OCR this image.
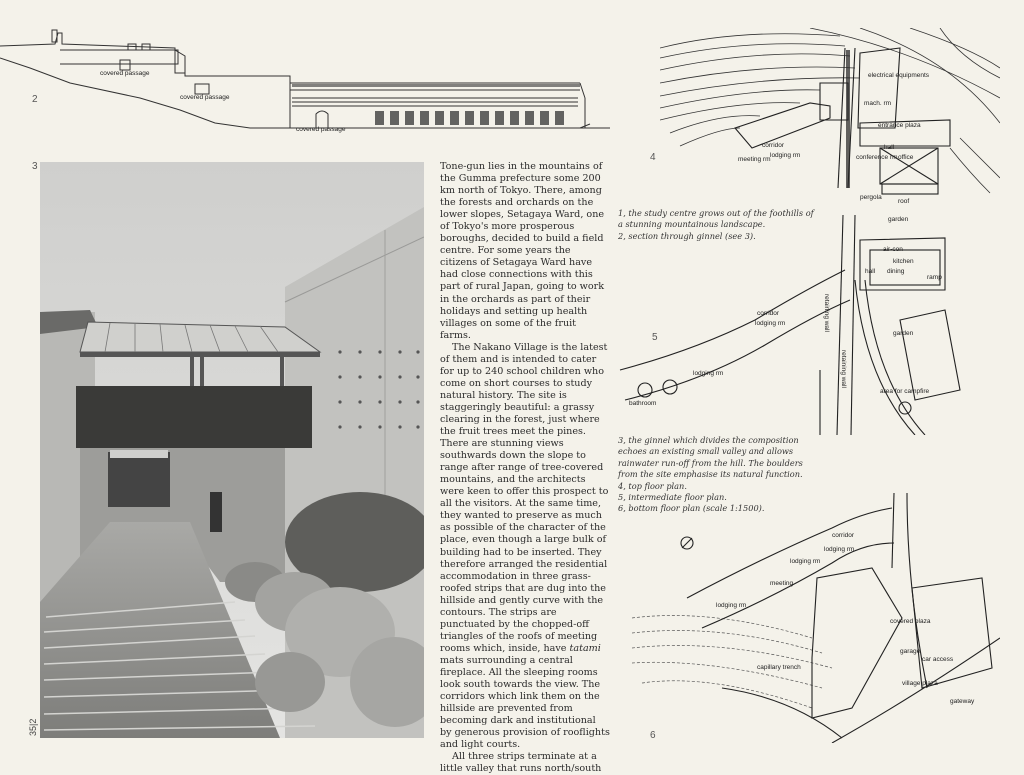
2
covered passage
covered passage
covered passage
3	Tone-gun lies in the mountains of the Gumma prefecture some 200 km north of Tokyo. There, among the forests and orchards on the lower slopes, Setagaya Ward, one of Tokyo's more prosperous boroughs, decided to build a field centre. For some years the citizens of Setagaya Ward have had close connections with this part of rural Japan, going to work in the orchards as part of their holidays and setting up health villages on some of the fruit farms.

The Nakano Village is the latest of them and is intended to cater for up to 240 school children who come on short courses to study natural history. The site is staggeringly beautiful: a grassy clearing in the forest, just where the fruit trees meet the pines. There are stunning views southwards down the slope to range after range of tree-covered mountains, and the architects were keen to offer this prospect to all the visitors. At the same time, they wanted to preserve as much as possible of the character of the place, even though a large bulk of building had to be inserted. They therefore arranged the residential accommodation in three grass-roofed strips that are dug into the hillside and gently curve with the contours. The strips are punctuated by the chopped-off triangles of the roofs of meeting rooms which, inside, have tatami mats surrounding a central fireplace. All the sleeping rooms look south towards the view. The corridors which link them on the hillside are prevented from becoming dark and institutional by generous provision of rooflights and light courts.

All three strips terminate at a little valley that runs north/south

1, the study centre grows out of the foothills of a stunning mountainous landscape.
2, section through ginnel (see 3).
3, the ginnel which divides the composition echoes an existing small valley and allows rainwater run-off from the hill. The boulders from the site emphasise its natural function.
4, top floor plan.
5, intermediate floor plan.
6, bottom floor plan (scale 1:1500).
electrical equipments
mach. rm
entrance plaza
hall
conference rm office
corridor
lodging rm
meeting rm
pergola
roof
garden
4
air-con
kitchen
hall dining
ramp
retaining wall
retaining wall
garden
area for campfire
corridor
lodging rm
lodging rm
bathroom
5
corridor
lodging rm
lodging rm
meeting
lodging rm
covered plaza
garage
car access
capillary trench
village plaza
gateway
6
35|2
